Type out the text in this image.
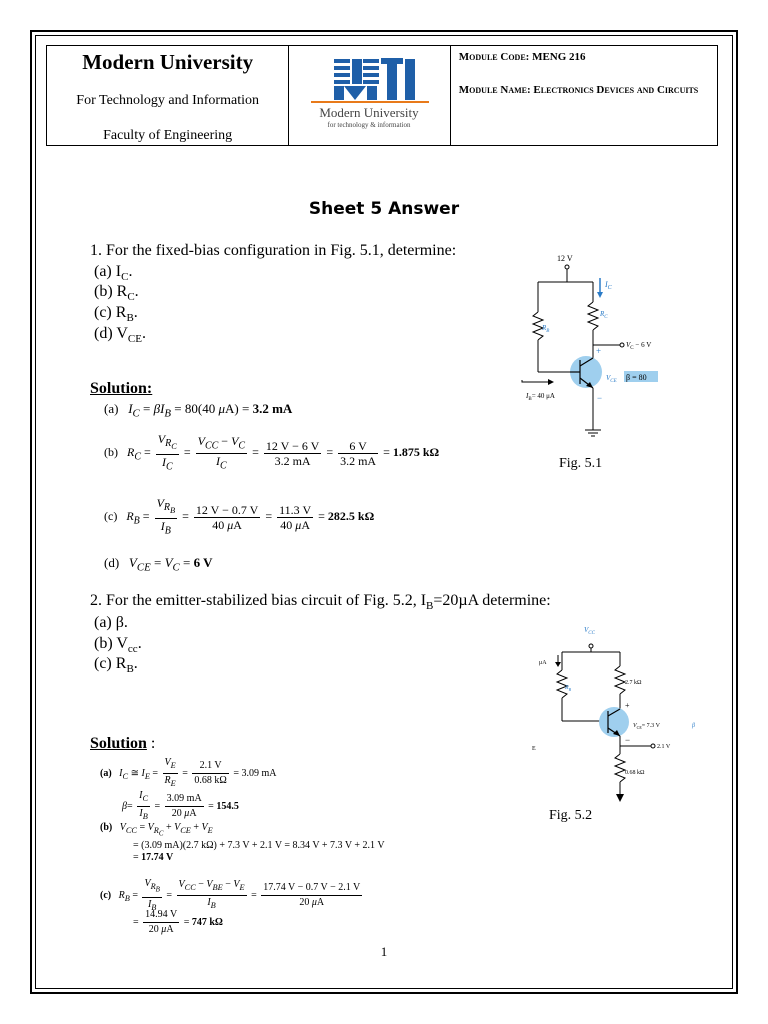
Modern University
For Technology and Information
Faculty of Engineering
Modern University
for technology & information
Module Code: MENG 216
Module Name: Electronics Devices and Circuits
Sheet 5 Answer
1. For the fixed-bias configuration in Fig. 5.1, determine:
(a) $I_C$.
(b) $R_C$.
(c) $R_B$.
(d) $V_{CE}$.
Solution:
(a)   $I_C = \beta I_B = 80(40$ μA) = 3.2 mA
(b)   $R_C = \frac{V_{R_C}}{I_C} = \frac{V_{CC} - V_C}{I_C} = \frac{12 V - 6 V}{3.2 mA} = \frac{6 V}{3.2 mA} = 1.875$ kΩ
(c)   $R_B = \frac{V_{R_B}}{I_B} = \frac{12 V - 0.7 V}{40 \mu A} = \frac{11.3 V}{40 \mu A} = 282.5$ kΩ
(d)   $V_{CE} = V_C = 6$ V
12 V
$I_C$
$R_C$
$R_B$
$V_C - 6$ V
+
$V_{CE}$ β = 80
−
$I_B= 40$ μA
Fig. 5.1
2. For the emitter-stabilized bias circuit of Fig. 5.2, $I_B=20\mu A$ determine:
(a) β.
(b) $V_{cc}$.
(c) $R_B$.
Solution :
(a) $I_C$ ≅ $I_E = \frac{V_E}{R_E} = \frac{2.1 V}{0.68 k\Omega} = 3.09$ mA
$\beta= \frac{I_C}{I_B} = \frac{3.09 mA}{20 \mu A} = 154.5$
(b) $V_{CC} = V_{R_C} + V_{CE} + V_E$
= (3.09 mA)(2.7 kΩ) + 7.3 V + 2.1 V = 8.34 V + 7.3 V + 2.1 V
= 17.74 V
(c) $R_B = \frac{V_{R_B}}{I_B} = \frac{V_{CC} - V_{BE} - V_E}{I_B} = \frac{17.74 V - 0.7 V - 2.1 V}{20 \mu A}$
= $\frac{14.94 V}{20 \mu A} = 747$ kΩ
$V_{CC}$
μA
$R_B$
2.7 kΩ
+
$V_{CE}= 7.3$ V	β
−
2.1 V
0.68 kΩ
E
Fig. 5.2
1
